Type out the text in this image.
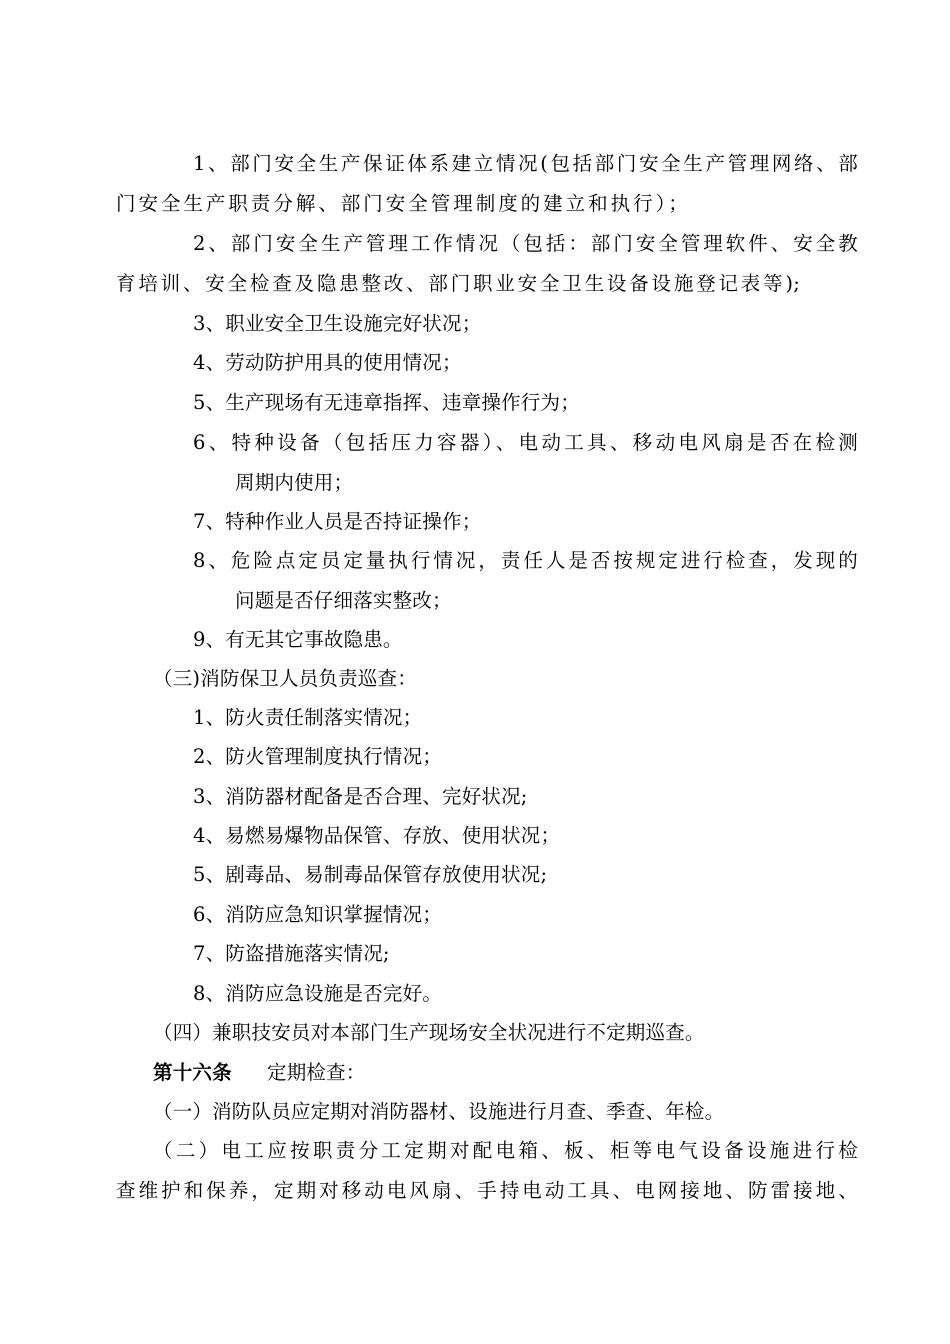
1、部门安全生产保证体系建立情况(包括部门安全生产管理网络、部
门安全生产职责分解、部门安全管理制度的建立和执行）；
2、部门安全生产管理工作情况（包括：部门安全管理软件、安全教
育培训、安全检查及隐患整改、部门职业安全卫生设备设施登记表等);
3、职业安全卫生设施完好状况；
4、劳动防护用具的使用情况；
5、生产现场有无违章指挥、违章操作行为；
6、特种设备（包括压力容器）、电动工具、移动电风扇是否在检测
周期内使用；
7、特种作业人员是否持证操作；
8、危险点定员定量执行情况，责任人是否按规定进行检查，发现的
问题是否仔细落实整改；
9、有无其它事故隐患。
（三)消防保卫人员负责巡查：
1、防火责任制落实情况；
2、防火管理制度执行情况；
3、消防器材配备是否合理、完好状况;
4、易燃易爆物品保管、存放、使用状况；
5、剧毒品、易制毒品保管存放使用状况;
6、消防应急知识掌握情况；
7、防盗措施落实情况;
8、消防应急设施是否完好。
（四）兼职技安员对本部门生产现场安全状况进行不定期巡查。
第十六条 定期检查：
（一）消防队员应定期对消防器材、设施进行月查、季查、年检。
（二）电工应按职责分工定期对配电箱、板、柜等电气设备设施进行检
查维护和保养，定期对移动电风扇、手持电动工具、电网接地、防雷接地、
